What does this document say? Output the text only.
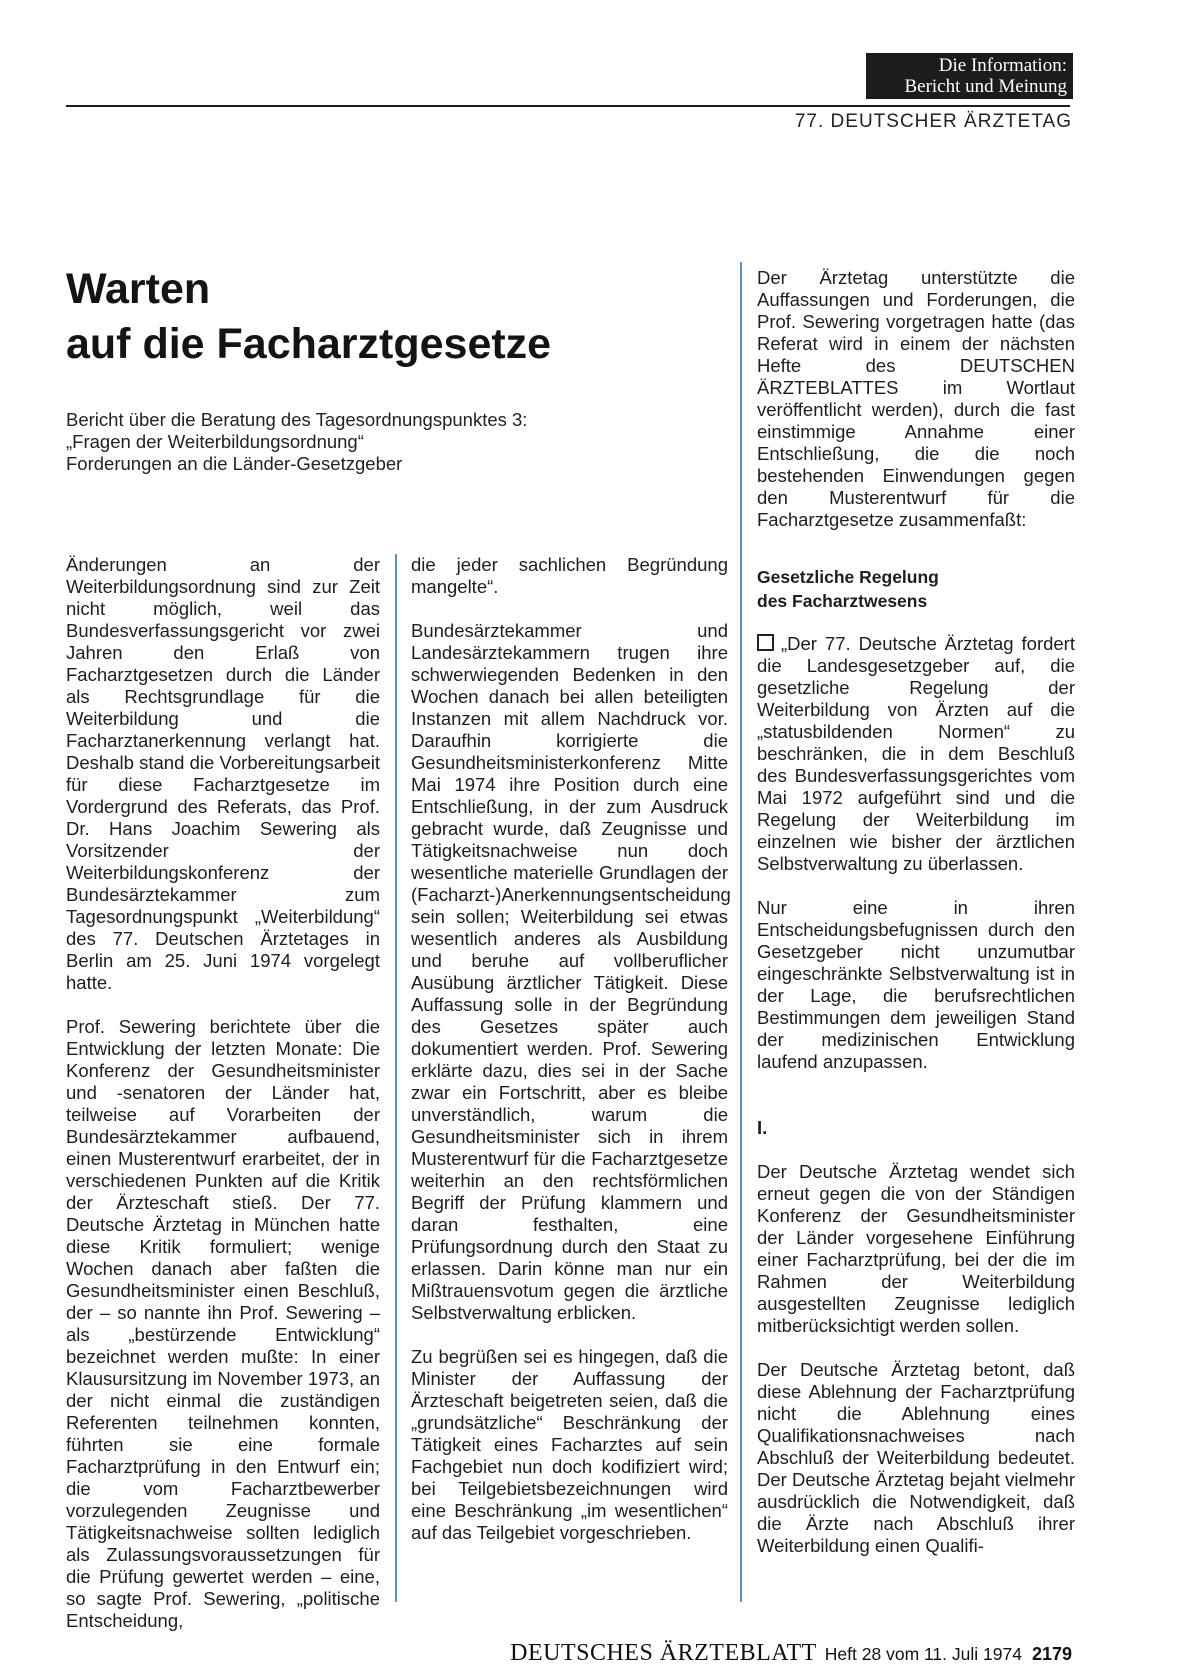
Die Information:
Bericht und Meinung
77. DEUTSCHER ÄRZTETAG
Warten
auf die Facharztgesetze
Bericht über die Beratung des Tagesordnungspunktes 3:
„Fragen der Weiterbildungsordnung“
Forderungen an die Länder-Gesetzgeber

Änderungen an der Weiterbildungsordnung sind zur Zeit nicht möglich, weil das Bundesverfassungsgericht vor zwei Jahren den Erlaß von Facharztgesetzen durch die Länder als Rechtsgrundlage für die Weiterbildung und die Facharztanerkennung verlangt hat. Deshalb stand die Vorbereitungsarbeit für diese Facharztgesetze im Vordergrund des Referats, das Prof. Dr. Hans Joachim Sewering als Vorsitzender der Weiterbildungskonferenz der Bundesärztekammer zum Tagesordnungspunkt „Weiterbildung“ des 77. Deutschen Ärztetages in Berlin am 25. Juni 1974 vorgelegt hatte.

Prof. Sewering berichtete über die Entwicklung der letzten Monate: Die Konferenz der Gesundheitsminister und -senatoren der Länder hat, teilweise auf Vorarbeiten der Bundesärztekammer aufbauend, einen Musterentwurf erarbeitet, der in verschiedenen Punkten auf die Kritik der Ärzteschaft stieß. Der 77. Deutsche Ärztetag in München hatte diese Kritik formuliert; wenige Wochen danach aber faßten die Gesundheitsminister einen Beschluß, der – so nannte ihn Prof. Sewering – als „bestürzende Entwicklung“ bezeichnet werden mußte: In einer Klausursitzung im November 1973, an der nicht einmal die zuständigen Referenten teilnehmen konnten, führten sie eine formale Facharztprüfung in den Entwurf ein; die vom Facharztbewerber vorzulegenden Zeugnisse und Tätigkeitsnachweise sollten lediglich als Zulassungsvoraussetzungen für die Prüfung gewertet werden – eine, so sagte Prof. Sewering, „politische Entscheidung,

die jeder sachlichen Begründung mangelte“.

Bundesärztekammer und Landesärztekammern trugen ihre schwerwiegenden Bedenken in den Wochen danach bei allen beteiligten Instanzen mit allem Nachdruck vor. Daraufhin korrigierte die Gesundheitsministerkonferenz Mitte Mai 1974 ihre Position durch eine Entschließung, in der zum Ausdruck gebracht wurde, daß Zeugnisse und Tätigkeitsnachweise nun doch wesentliche materielle Grundlagen der (Facharzt-)Anerkennungsentscheidung sein sollen; Weiterbildung sei etwas wesentlich anderes als Ausbildung und beruhe auf vollberuflicher Ausübung ärztlicher Tätigkeit. Diese Auffassung solle in der Begründung des Gesetzes später auch dokumentiert werden. Prof. Sewering erklärte dazu, dies sei in der Sache zwar ein Fortschritt, aber es bleibe unverständlich, warum die Gesundheitsminister sich in ihrem Musterentwurf für die Facharztgesetze weiterhin an den rechtsförmlichen Begriff der Prüfung klammern und daran festhalten, eine Prüfungsordnung durch den Staat zu erlassen. Darin könne man nur ein Mißtrauensvotum gegen die ärztliche Selbstverwaltung erblicken.

Zu begrüßen sei es hingegen, daß die Minister der Auffassung der Ärzteschaft beigetreten seien, daß die „grundsätzliche“ Beschränkung der Tätigkeit eines Facharztes auf sein Fachgebiet nun doch kodifiziert wird; bei Teilgebietsbezeichnungen wird eine Beschränkung „im wesentlichen“ auf das Teilgebiet vorgeschrieben.

Der Ärztetag unterstützte die Auffassungen und Forderungen, die Prof. Sewering vorgetragen hatte (das Referat wird in einem der nächsten Hefte des DEUTSCHEN ÄRZTEBLATTES im Wortlaut veröffentlicht werden), durch die fast einstimmige Annahme einer Entschließung, die die noch bestehenden Einwendungen gegen den Musterentwurf für die Facharztgesetze zusammenfaßt:

Gesetzliche Regelung
des Facharztwesens

„Der 77. Deutsche Ärztetag fordert die Landesgesetzgeber auf, die gesetzliche Regelung der Weiterbildung von Ärzten auf die „statusbildenden Normen“ zu beschränken, die in dem Beschluß des Bundesverfassungsgerichtes vom Mai 1972 aufgeführt sind und die Regelung der Weiterbildung im einzelnen wie bisher der ärztlichen Selbstverwaltung zu überlassen.

Nur eine in ihren Entscheidungsbefugnissen durch den Gesetzgeber nicht unzumutbar eingeschränkte Selbstverwaltung ist in der Lage, die berufsrechtlichen Bestimmungen dem jeweiligen Stand der medizinischen Entwicklung laufend anzupassen.

I.

Der Deutsche Ärztetag wendet sich erneut gegen die von der Ständigen Konferenz der Gesundheitsminister der Länder vorgesehene Einführung einer Facharztprüfung, bei der die im Rahmen der Weiterbildung ausgestellten Zeugnisse lediglich mitberücksichtigt werden sollen.

Der Deutsche Ärztetag betont, daß diese Ablehnung der Facharztprüfung nicht die Ablehnung eines Qualifikationsnachweises nach Abschluß der Weiterbildung bedeutet. Der Deutsche Ärztetag bejaht vielmehr ausdrücklich die Notwendigkeit, daß die Ärzte nach Abschluß ihrer Weiterbildung einen Qualifi-

DEUTSCHES ÄRZTEBLATT Heft 28 vom 11. Juli 1974 2179
